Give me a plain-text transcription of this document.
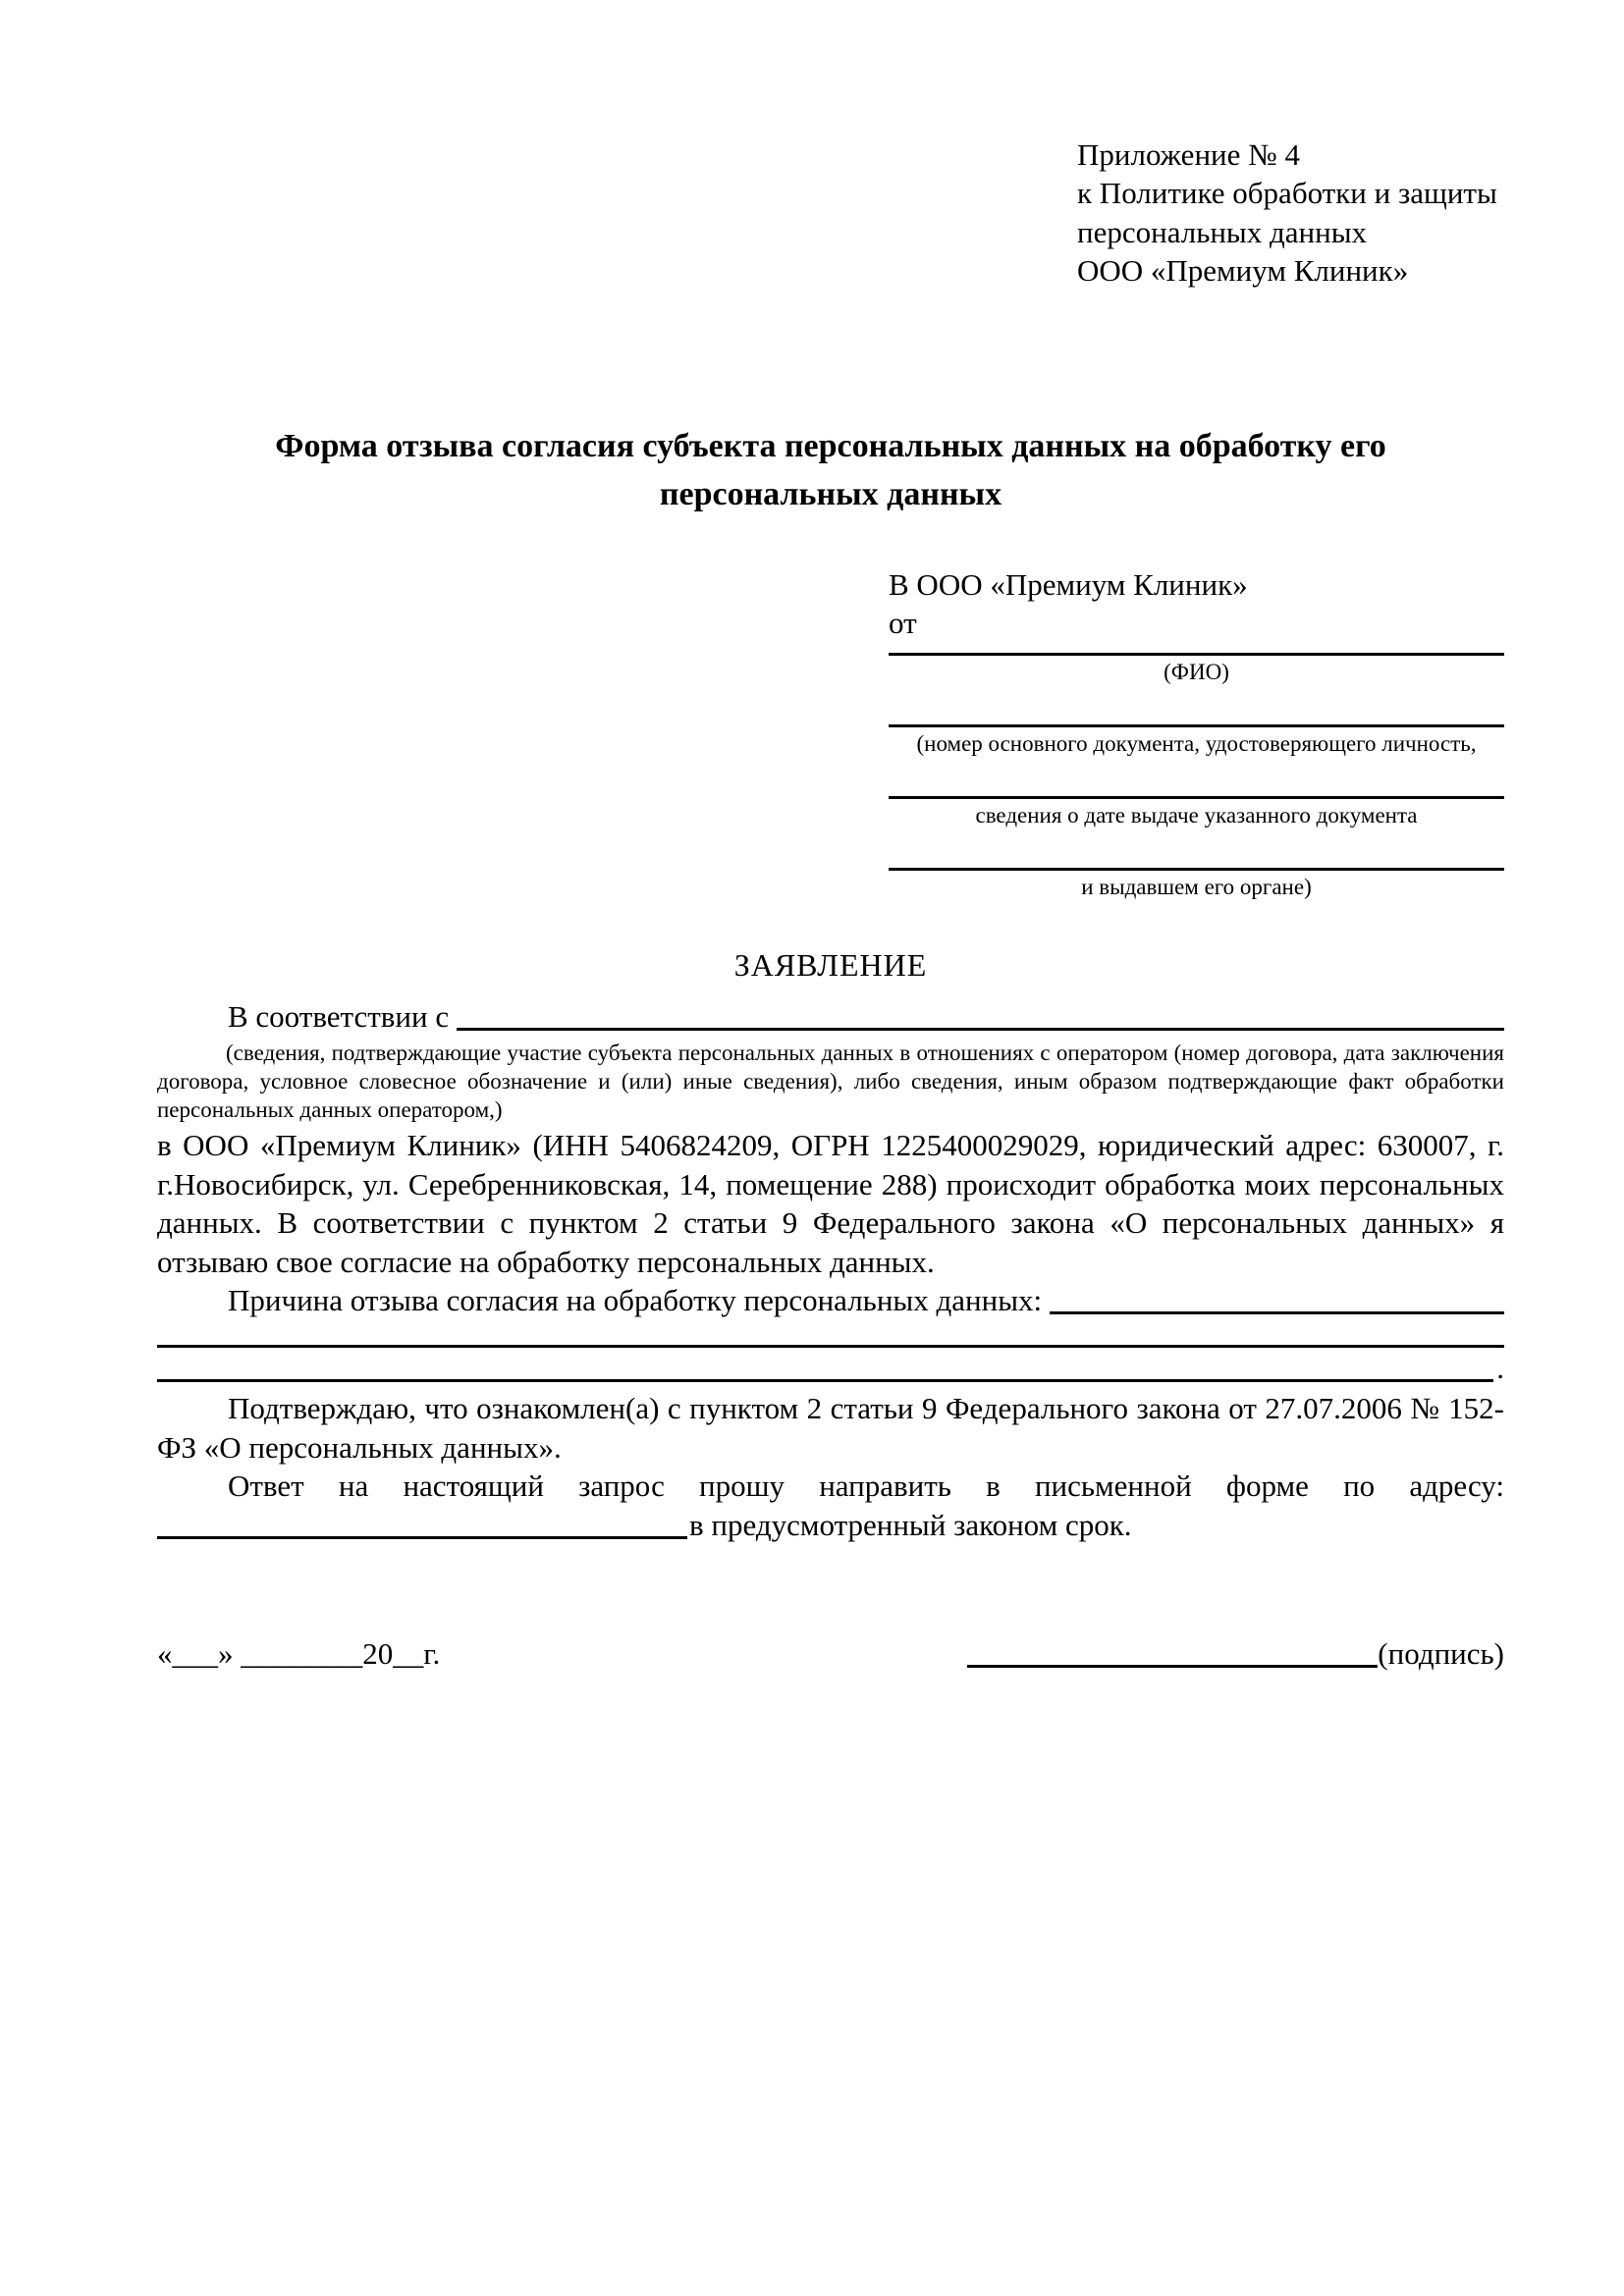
Приложение № 4
к Политике обработки и защиты
персональных данных
ООО «Премиум Клиник»
Форма отзыва согласия субъекта персональных данных на обработку его персональных данных
В ООО «Премиум Клиник»
от
(ФИО)
(номер основного документа, удостоверяющего личность,
сведения о дате выдаче указанного документа
и выдавшем его органе)
ЗАЯВЛЕНИЕ
В соответствии с
(сведения, подтверждающие участие субъекта персональных данных в отношениях с оператором (номер договора, дата заключения договора, условное словесное обозначение и (или) иные сведения), либо сведения, иным образом подтверждающие факт обработки персональных данных оператором,)
в ООО «Премиум Клиник» (ИНН 5406824209, ОГРН 1225400029029, юридический адрес: 630007, г. г.Новосибирск, ул. Серебренниковская, 14, помещение 288) происходит обработка моих персональных данных. В соответствии с пунктом 2 статьи 9 Федерального закона «О персональных данных» я отзываю свое согласие на обработку персональных данных.
Причина отзыва согласия на обработку персональных данных:
.
Подтверждаю, что ознакомлен(а) с пунктом 2 статьи 9 Федерального закона от 27.07.2006 № 152-ФЗ «О персональных данных».
Ответ на настоящий запрос прошу направить в письменной форме по адресу:
в предусмотренный законом срок.
«___» ________20__г.	(подпись)
